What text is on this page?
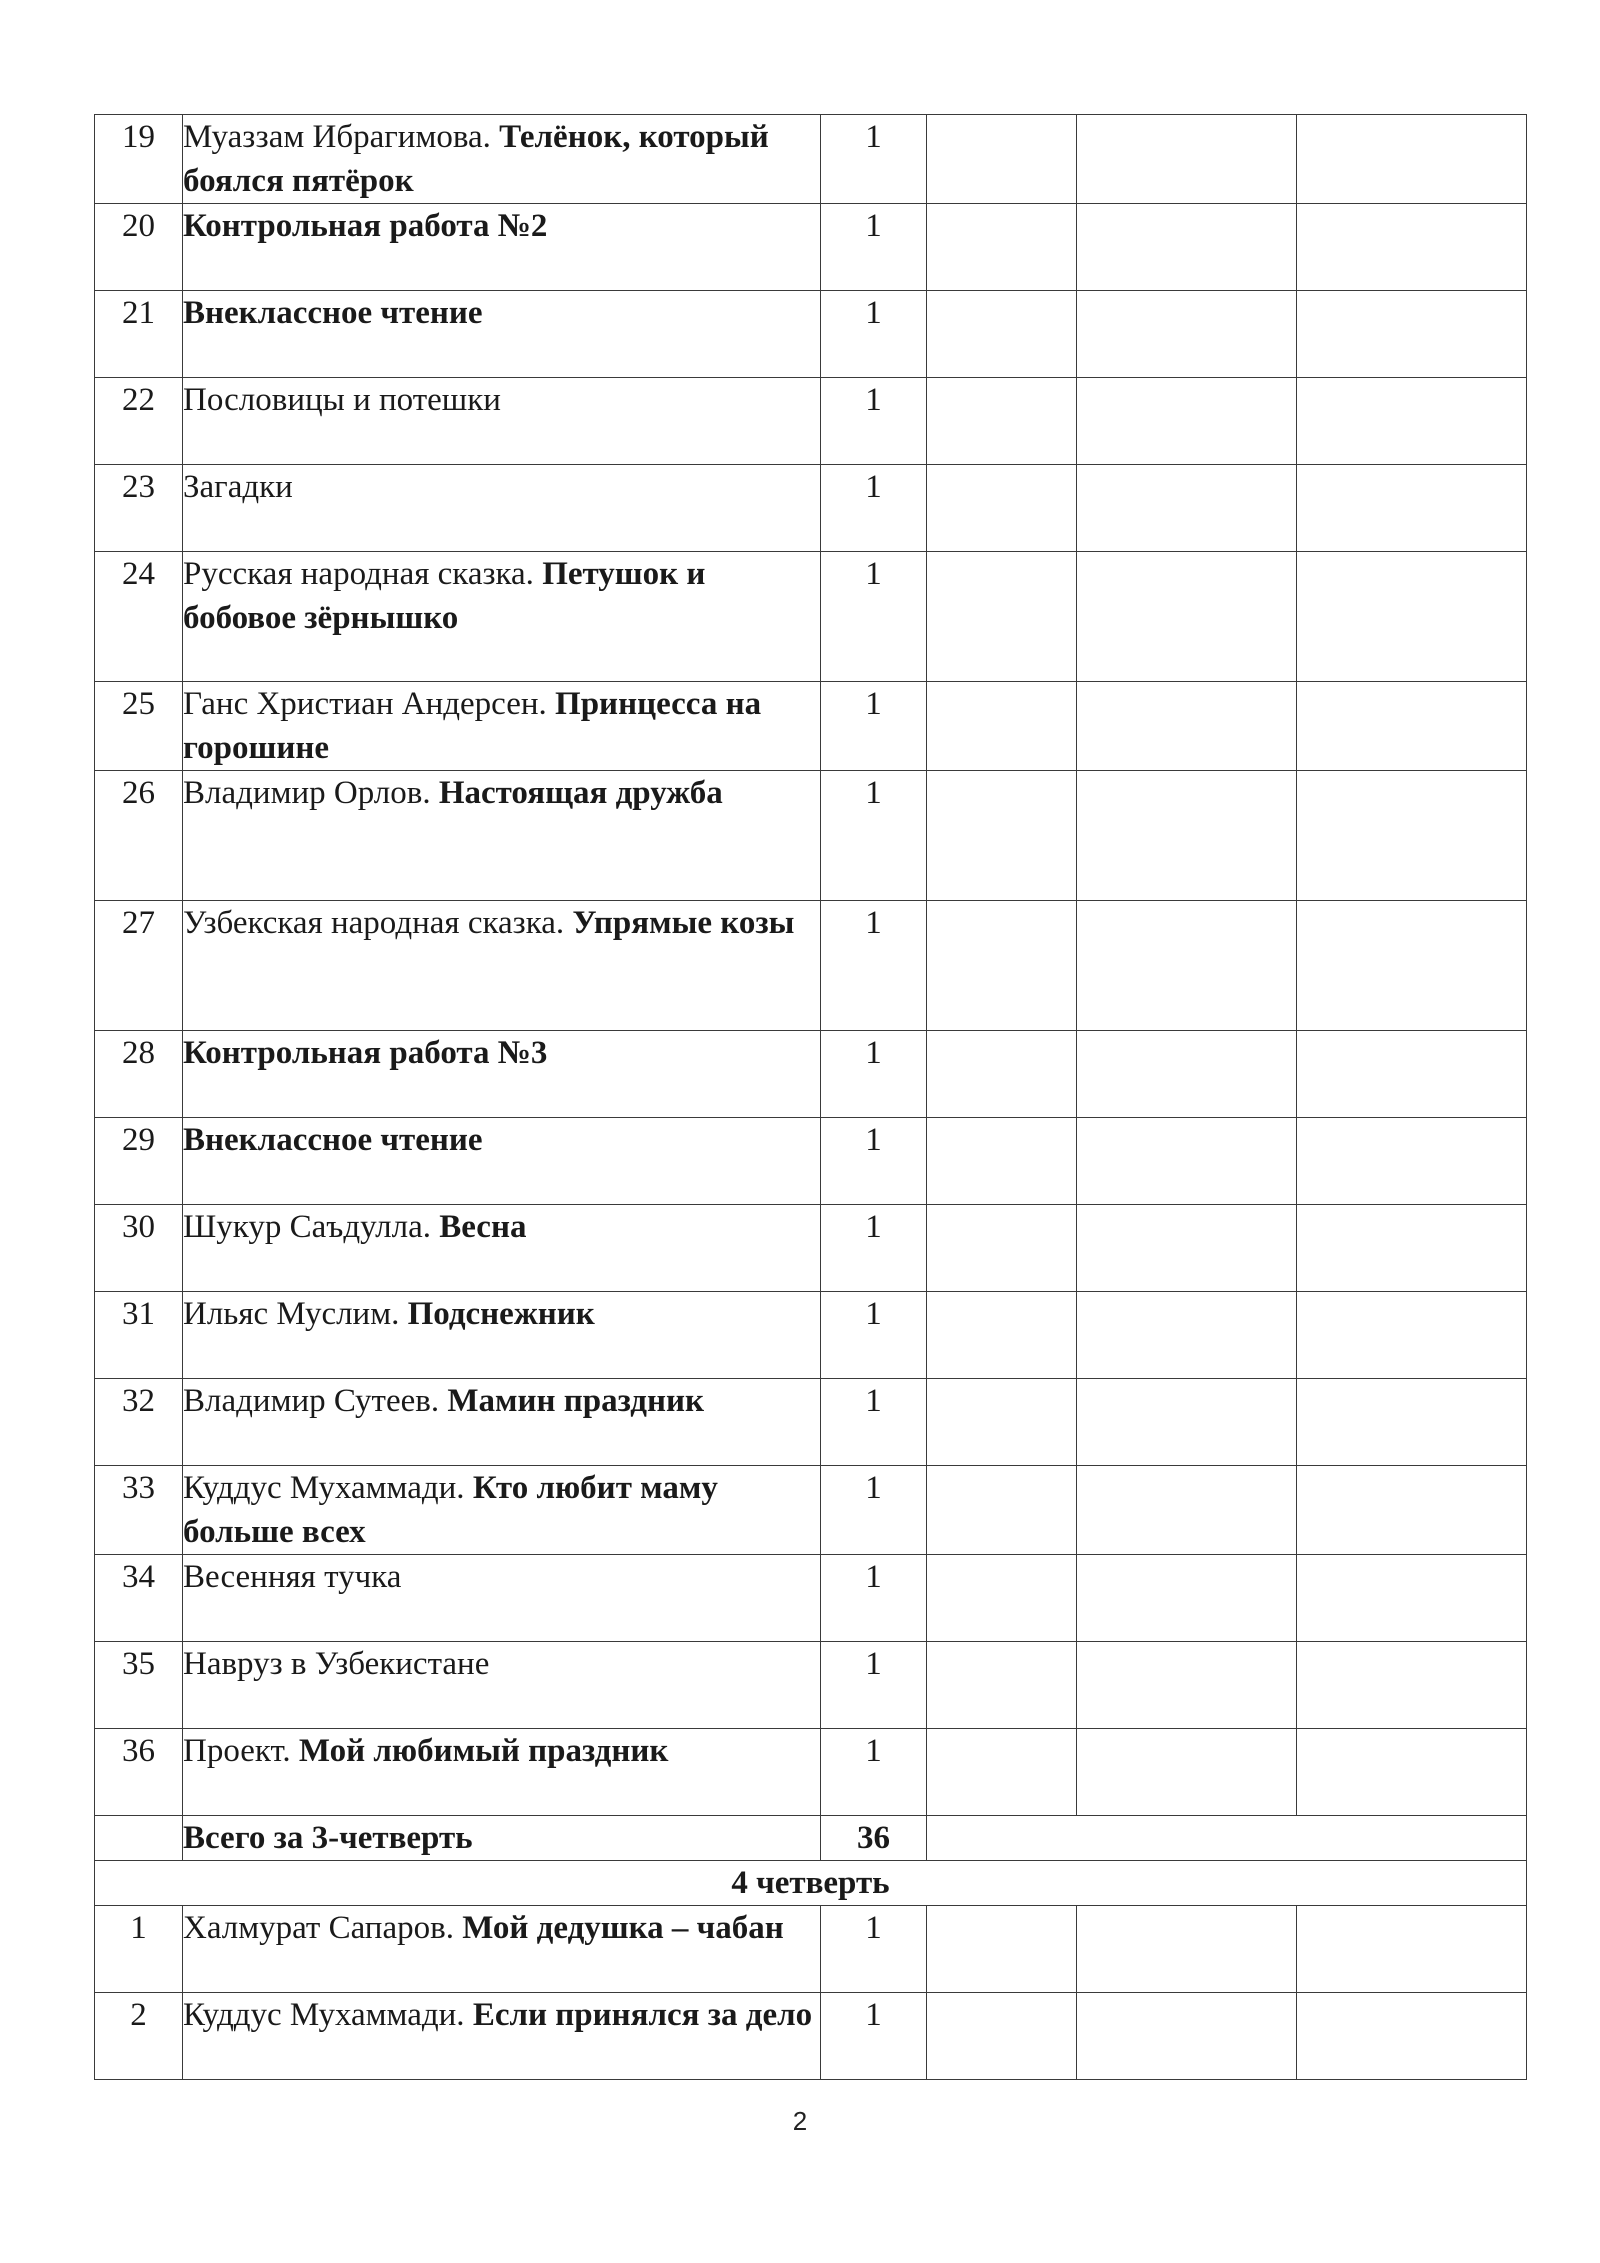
19	Муаззам Ибрагимова. Телёнок, который боялся пятёрок	1			
20	Контрольная работа №2	1			
21	Внеклассное чтение	1			
22	Пословицы и потешки	1			
23	Загадки	1			
24	Русская народная сказка. Петушок и бобовое зёрнышко	1			
25	Ганс Христиан Андерсен. Принцесса на горошине	1			
26	Владимир Орлов. Настоящая дружба	1			
27	Узбекская народная сказка. Упрямые козы	1			
28	Контрольная работа №3	1			
29	Внеклассное чтение	1			
30	Шукур Саъдулла. Весна	1			
31	Ильяс Муслим. Подснежник	1			
32	Владимир Сутеев. Мамин праздник	1			
33	Куддус Мухаммади. Кто любит маму больше всех	1			
34	Весенняя тучка	1			
35	Навруз в Узбекистане	1			
36	Проект. Мой любимый праздник	1			
	Всего за 3-четверть	36			
4 четверть					
1	Халмурат Сапаров. Мой дедушка – чабан	1			
2	Куддус Мухаммади. Если принялся за дело	1			
2
